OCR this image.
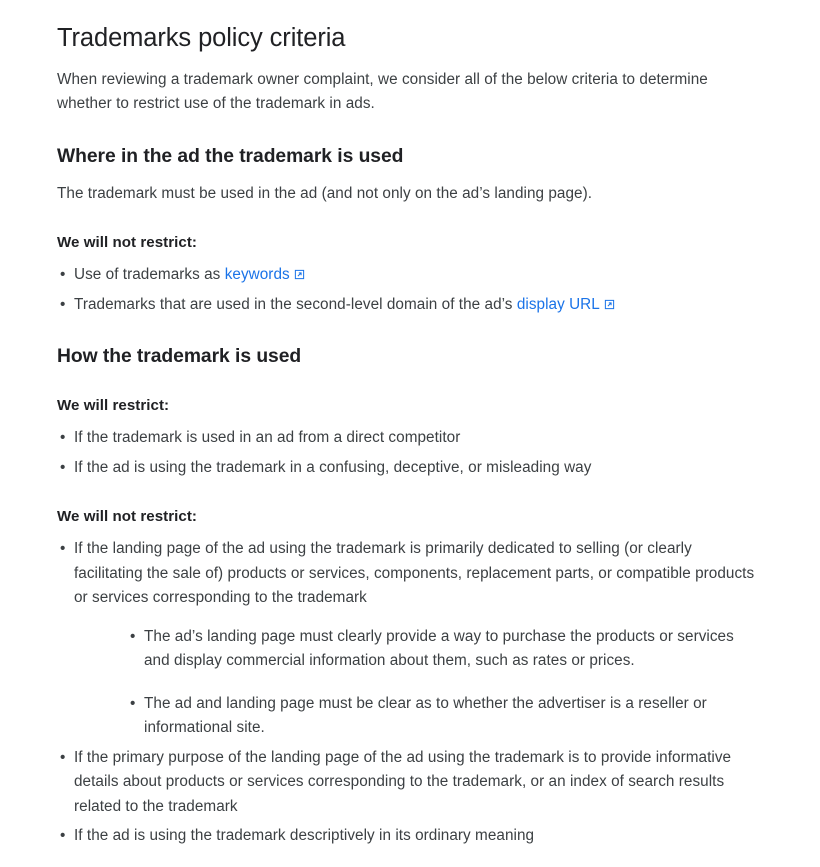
Trademarks policy criteria

When reviewing a trademark owner complaint, we consider all of the below criteria to determine whether to restrict use of the trademark in ads.

Where in the ad the trademark is used

The trademark must be used in the ad (and not only on the ad’s landing page).

We will not restrict:
• Use of trademarks as keywords
• Trademarks that are used in the second-level domain of the ad’s display URL
How the trademark is used
We will restrict:
• If the trademark is used in an ad from a direct competitor
• If the ad is using the trademark in a confusing, deceptive, or misleading way
We will not restrict:
• If the landing page of the ad using the trademark is primarily dedicated to selling (or clearly facilitating the sale of) products or services, components, replacement parts, or compatible products or services corresponding to the trademark
• The ad’s landing page must clearly provide a way to purchase the products or services and display commercial information about them, such as rates or prices.
• The ad and landing page must be clear as to whether the advertiser is a reseller or informational site.
• If the primary purpose of the landing page of the ad using the trademark is to provide informative details about products or services corresponding to the trademark, or an index of search results related to the trademark
• If the ad is using the trademark descriptively in its ordinary meaning
